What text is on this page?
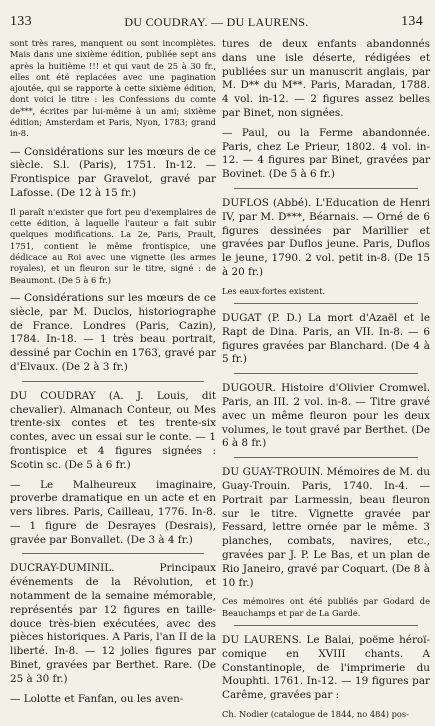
133	DU COUDRAY. — DU LAURENS.	134

sont très rares, manquent ou sont incomplètes. Mais dans une sixième édition, publiée sept ans après la huitième !!! et qui vaut de 25 à 30 fr., elles ont été replacées avec une pagination ajoutée, qui se rapporte à cette sixième édition, dont voici le titre : les Confessions du comte de***, écrites par lui-même à un ami; sixième édition; Amsterdam et Paris, Nyon, 1783; grand in-8.

— Considérations sur les mœurs de ce siècle. S.l. (Paris), 1751. In-12. — Frontispice par Gravelot, gravé par Lafosse. (De 12 à 15 fr.)

Il paraît n'exister que fort peu d'exemplaires de cette édition, à laquelle l'auteur a fait subir quelques modifications. La 2e, Paris, Prault, 1751, contient le même frontispice, une dédicace au Roi avec une vignette (les armes royales), et un fleuron sur le titre, signé : de Beaumont. (De 5 à 6 fr.)

— Considérations sur les mœurs de ce siècle, par M. Duclos, historiographe de France. Londres (Paris, Cazin), 1784. In-18. — 1 très beau portrait, dessiné par Cochin en 1763, gravé par d'Elvaux. (De 2 à 3 fr.)

DU COUDRAY (A. J. Louis, dit chevalier). Almanach Conteur, ou Mes trente-six contes et tes trente-six contes, avec un essai sur le conte. — 1 frontispice et 4 figures signées : Scotin sc. (De 5 à 6 fr.)

— Le Malheureux imaginaire, proverbe dramatique en un acte et en vers libres. Paris, Cailleau, 1776. In-8. — 1 figure de Desrayes (Desrais), gravée par Bonvallet. (De 3 à 4 fr.)

DUCRAY-DUMINIL. Principaux événements de la Révolution, et notamment de la semaine mémorable, représentés par 12 figures en taille-douce très-bien exécutées, avec des pièces historiques. A Paris, l'an II de la liberté. In-8. — 12 jolies figures par Binet, gravées par Berthet. Rare. (De 25 à 30 fr.)

— Lolotte et Fanfan, ou les aven-

tures de deux enfants abandonnés dans une isle déserte, rédigées et publiées sur un manuscrit anglais, par M. D** du M**. Paris, Maradan, 1788. 4 vol. in-12. — 2 figures assez belles par Binet, non signées.

— Paul, ou la Ferme abandonnée. Paris, chez Le Prieur, 1802. 4 vol. in-12. — 4 figures par Binet, gravées par Bovinet. (De 5 à 6 fr.)

DUFLOS (Abbé). L'Education de Henri IV, par M. D***, Béarnais. — Orné de 6 figures dessinées par Marillier et gravées par Duflos jeune. Paris, Duflos le jeune, 1790. 2 vol. petit in-8. (De 15 à 20 fr.)

Les eaux-fortes existent.

DUGAT (P. D.) La mort d'Azaël et le Rapt de Dina. Paris, an VII. In-8. — 6 figures gravées par Blanchard. (De 4 à 5 fr.)

DUGOUR. Histoire d'Olivier Cromwel. Paris, an III. 2 vol. in-8. — Titre gravé avec un même fleuron pour les deux volumes, le tout gravé par Berthet. (De 6 à 8 fr.)

DU GUAY-TROUIN. Mémoires de M. du Guay-Trouin. Paris, 1740. In-4. — Portrait par Larmessin, beau fleuron sur le titre. Vignette gravée par Fessard, lettre ornée par le même. 3 planches, combats, navires, etc., gravées par J. P. Le Bas, et un plan de Rio Janeiro, gravé par Coquart. (De 8 à 10 fr.)

Ces mémoires ont été publiés par Godard de Beauchamps et par de La Garde.

DU LAURENS. Le Balai, poëme héroï-comique en XVIII chants. A Constantinople, de l'imprimerie du Mouphti. 1761. In-12. — 19 figures par Carême, gravées par :

Ch. Nodier (catalogue de 1844, no 484) pos-
